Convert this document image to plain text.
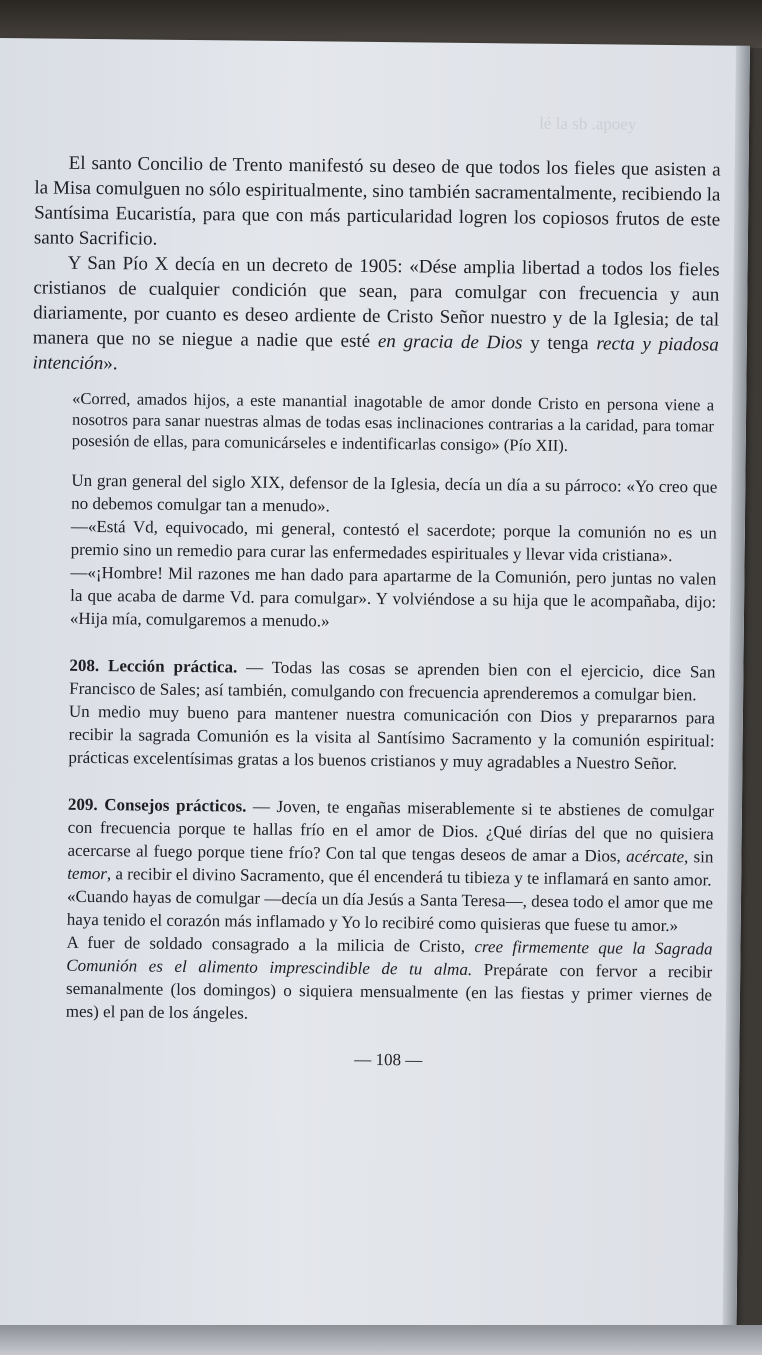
lé la sb .apoey

El santo Concilio de Trento manifestó su deseo de que todos los fieles que asisten a la Misa comulguen no sólo espiritualmente, sino también sacramentalmente, recibiendo la Santísima Eucaristía, para que con más particularidad logren los copiosos frutos de este santo Sacrificio.

Y San Pío X decía en un decreto de 1905: «Dése amplia libertad a todos los fieles cristianos de cualquier condición que sean, para comulgar con frecuencia y aun diariamente, por cuanto es deseo ardiente de Cristo Señor nuestro y de la Iglesia; de tal manera que no se niegue a nadie que esté en gracia de Dios y tenga recta y piadosa intención».

«Corred, amados hijos, a este manantial inagotable de amor donde Cristo en persona viene a nosotros para sanar nuestras almas de todas esas inclinaciones contrarias a la caridad, para tomar posesión de ellas, para comunicárseles e indentificarlas consigo» (Pío XII).

Un gran general del siglo XIX, defensor de la Iglesia, decía un día a su párroco: «Yo creo que no debemos comulgar tan a menudo».

—«Está Vd, equivocado, mi general, contestó el sacerdote; porque la comunión no es un premio sino un remedio para curar las enfermedades espirituales y llevar vida cristiana».

—«¡Hombre! Mil razones me han dado para apartarme de la Comunión, pero juntas no valen la que acaba de darme Vd. para comulgar». Y volviéndose a su hija que le acompañaba, dijo: «Hija mía, comulgaremos a menudo.»

208. Lección práctica. — Todas las cosas se aprenden bien con el ejercicio, dice San Francisco de Sales; así también, comulgando con frecuencia aprenderemos a comulgar bien.

Un medio muy bueno para mantener nuestra comunicación con Dios y prepararnos para recibir la sagrada Comunión es la visita al Santísimo Sacramento y la comunión espiritual: prácticas excelentísimas gratas a los buenos cristianos y muy agradables a Nuestro Señor.

209. Consejos prácticos. — Joven, te engañas miserablemente si te abstienes de comulgar con frecuencia porque te hallas frío en el amor de Dios. ¿Qué dirías del que no quisiera acercarse al fuego porque tiene frío? Con tal que tengas deseos de amar a Dios, acércate, sin temor, a recibir el divino Sacramento, que él encenderá tu tibieza y te inflamará en santo amor.

«Cuando hayas de comulgar —decía un día Jesús a Santa Teresa—, desea todo el amor que me haya tenido el corazón más inflamado y Yo lo recibiré como quisieras que fuese tu amor.»

A fuer de soldado consagrado a la milicia de Cristo, cree firmemente que la Sagrada Comunión es el alimento imprescindible de tu alma. Prepárate con fervor a recibir semanalmente (los domingos) o siquiera mensualmente (en las fiestas y primer viernes de mes) el pan de los ángeles.

— 108 —
